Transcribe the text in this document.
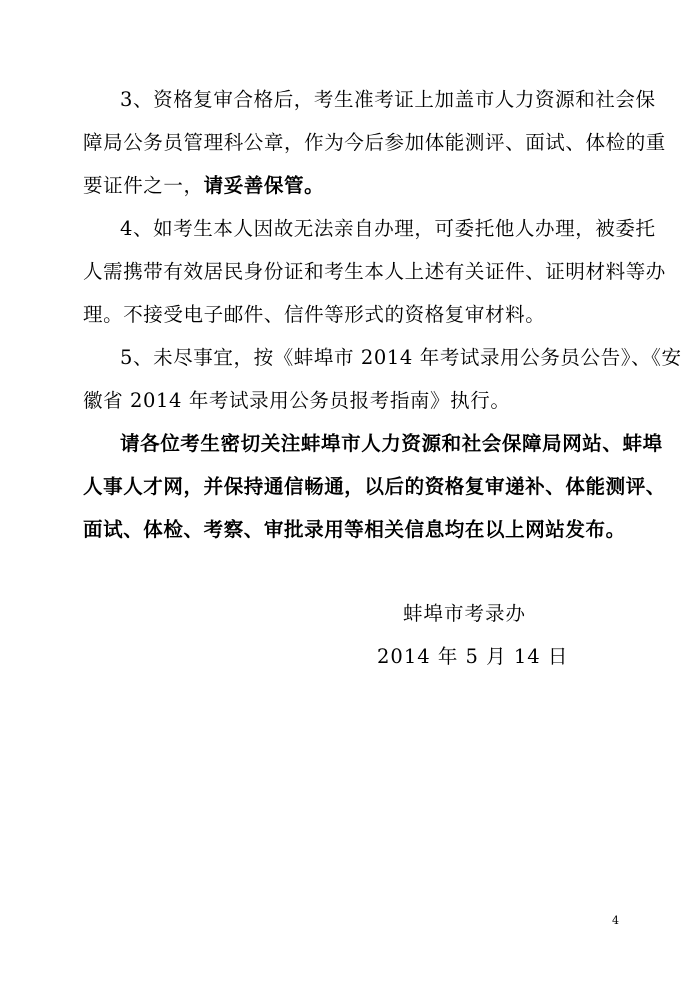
3、资格复审合格后，考生准考证上加盖市人力资源和社会保
障局公务员管理科公章，作为今后参加体能测评、面试、体检的重
要证件之一，请妥善保管。
4、如考生本人因故无法亲自办理，可委托他人办理，被委托
人需携带有效居民身份证和考生本人上述有关证件、证明材料等办
理。不接受电子邮件、信件等形式的资格复审材料。
5、未尽事宜，按《蚌埠市 2014 年考试录用公务员公告》、《安
徽省 2014 年考试录用公务员报考指南》执行。
请各位考生密切关注蚌埠市人力资源和社会保障局网站、蚌埠
人事人才网，并保持通信畅通，以后的资格复审递补、体能测评、
面试、体检、考察、审批录用等相关信息均在以上网站发布。
蚌埠市考录办
2014 年 5 月 14 日
4
